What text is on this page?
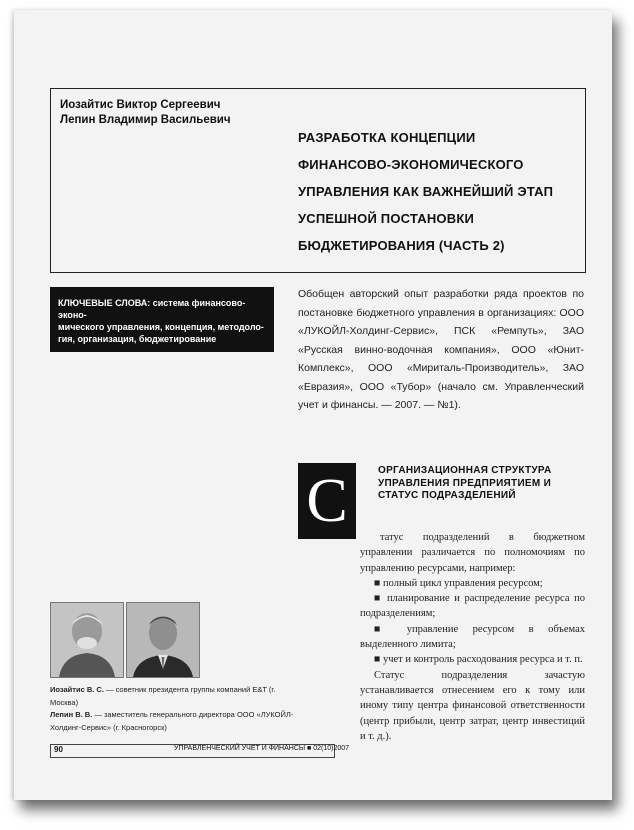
Иозайтис Виктор Сергеевич
Лепин Владимир Васильевич
РАЗРАБОТКА КОНЦЕПЦИИ
ФИНАНСОВО-ЭКОНОМИЧЕСКОГО
УПРАВЛЕНИЯ КАК ВАЖНЕЙШИЙ ЭТАП
УСПЕШНОЙ ПОСТАНОВКИ
БЮДЖЕТИРОВАНИЯ (ЧАСТЬ 2)
КЛЮЧЕВЫЕ СЛОВА: система финансово-эконо-
мического управления, концепция, методоло-
гия, организация, бюджетирование
Обобщен авторский опыт разработки ряда проектов по постановке бюджетного управления в организациях: ООО «ЛУКОЙЛ-Холдинг-Сервис», ПСК «Ремпуть», ЗАО «Русская винно-водочная компания», ООО «Юнит-Комплекс», ООО «Мириталь-Производитель», ЗАО «Евразия», ООО «Тубор» (начало см. Управленческий учет и финансы. — 2007. — №1).
С	ОРГАНИЗАЦИОННАЯ СТРУКТУРА
УПРАВЛЕНИЯ ПРЕДПРИЯТИЕМ И
СТАТУС ПОДРАЗДЕЛЕНИЙ

татус подразделений в бюджетном управлении различается по полномочиям по управлению ресурсами, например:

■ полный цикл управления ресурсом;

■ планирование и распределение ресурса по подразделениям;

■ управление ресурсом в объемах выделенного лимита;

■ учет и контроль расходования ресурса и т. п.

Статус подразделения зачастую устанавливается отнесением его к тому или иному типу центра финансовой ответственности (центр прибыли, центр затрат, центр инвестиций и т. д.).

Иозайтис В. С. — советник президента группы компаний E&T (г. Москва)
Лепин В. В. — заместитель генерального директора ООО «ЛУКОЙЛ-Холдинг-Сервис» (г. Красногорск)
90	УПРАВЛЕНЧЕСКИЙ УЧЕТ И ФИНАНСЫ ■ 02(10)2007
